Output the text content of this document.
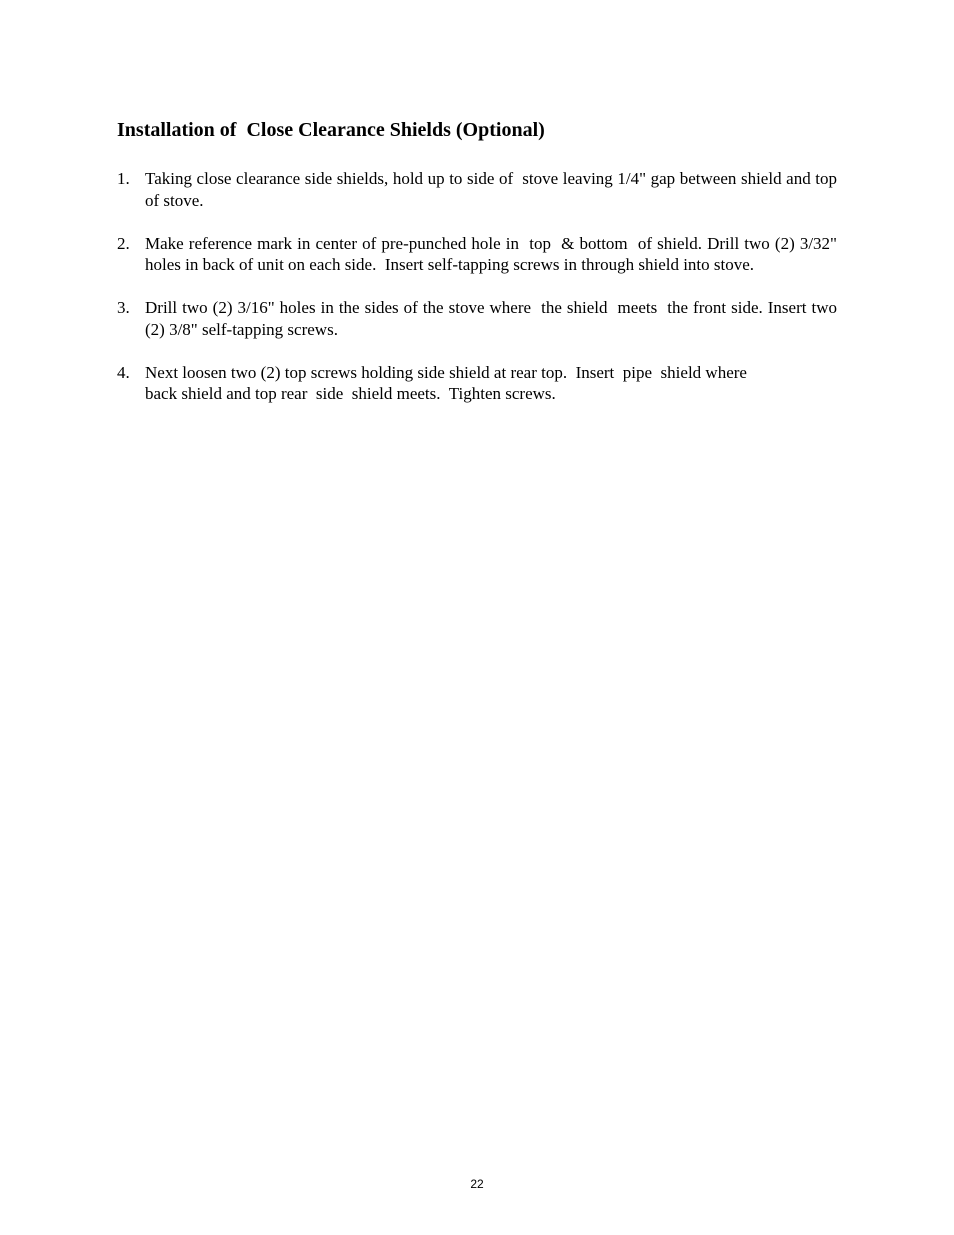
Installation of  Close Clearance Shields (Optional)
1. Taking close clearance side shields, hold up to side of  stove leaving 1/4" gap between shield and top of stove.
2. Make reference mark in center of pre-punched hole in  top  & bottom  of shield. Drill two (2) 3/32" holes in back of unit on each side.  Insert self-tapping screws in through shield into stove.
3. Drill two (2) 3/16" holes in the sides of the stove where  the shield  meets  the front side. Insert two (2) 3/8" self-tapping screws.
4. Next loosen two (2) top screws holding side shield at rear top.  Insert  pipe  shield where
back shield and top rear  side  shield meets.  Tighten screws.
22
